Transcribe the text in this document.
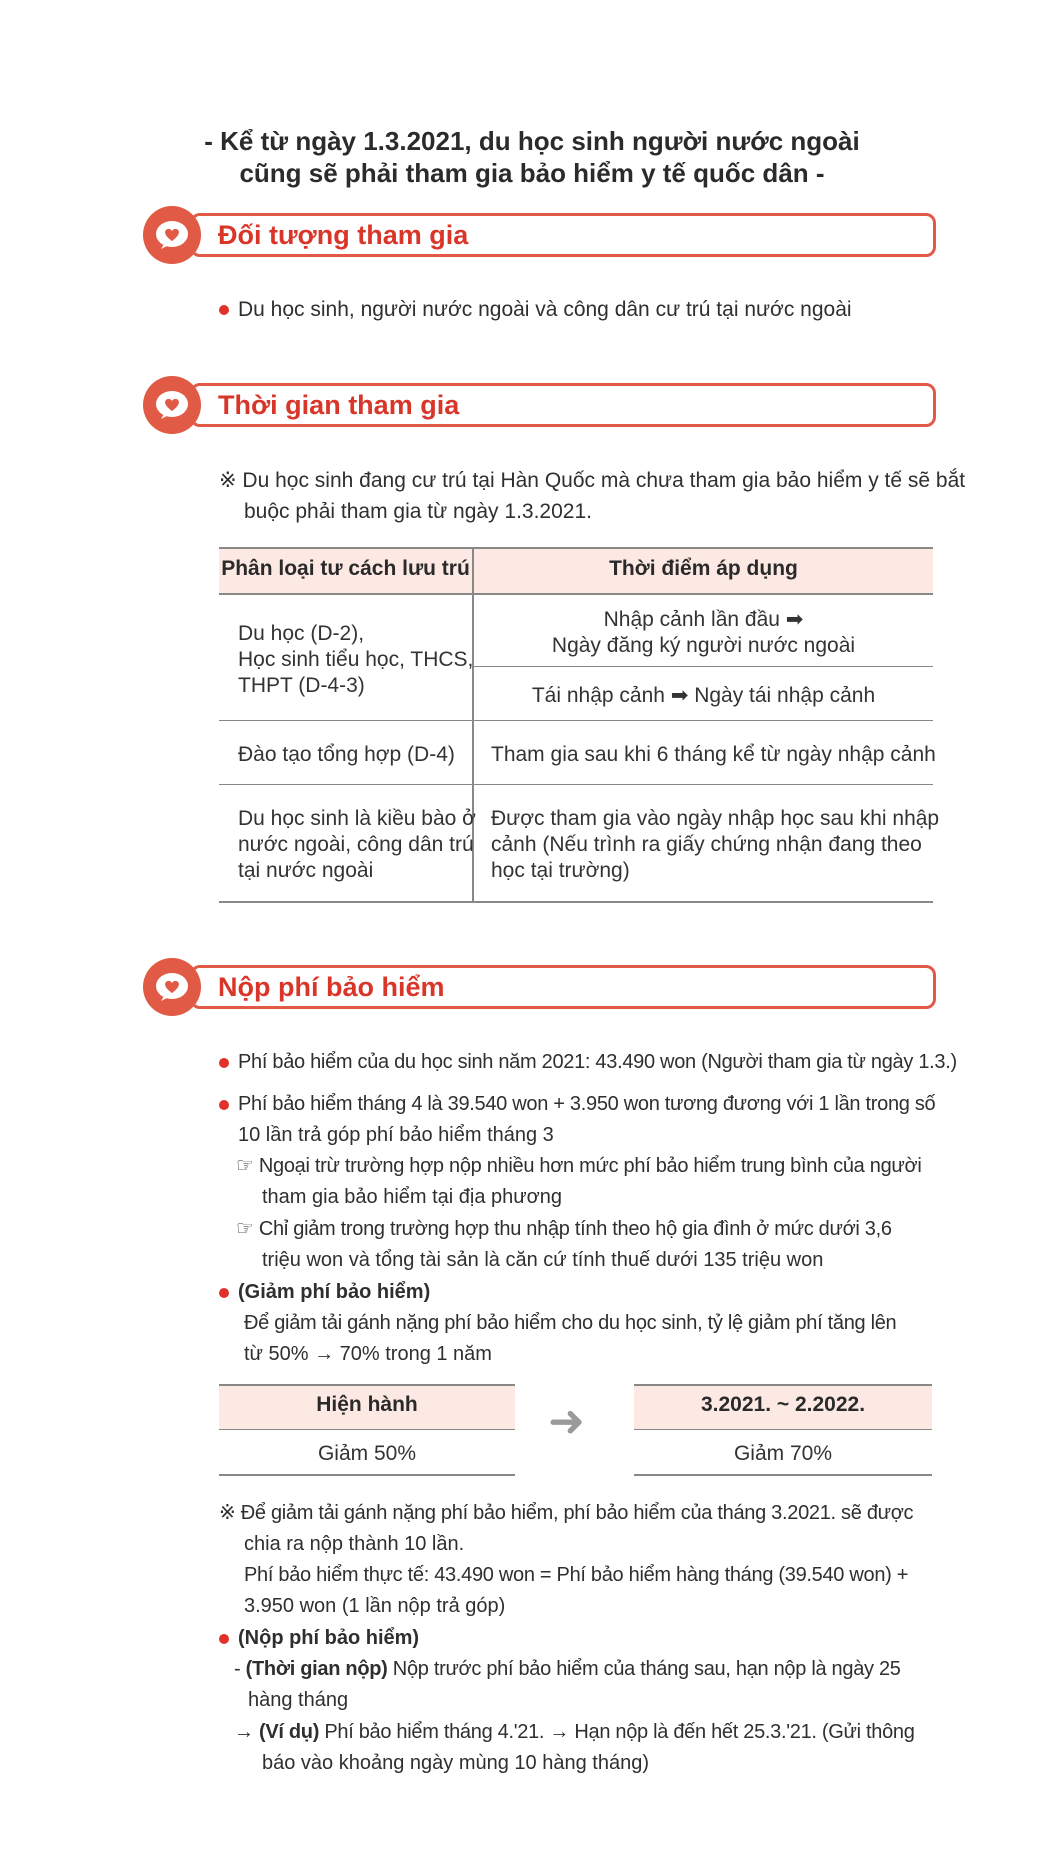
- Kể từ ngày 1.3.2021, du học sinh người nước ngoài
cũng sẽ phải tham gia bảo hiểm y tế quốc dân -
Đối tượng tham gia
Du học sinh, người nước ngoài và công dân cư trú tại nước ngoài
Thời gian tham gia
※ Du học sinh đang cư trú tại Hàn Quốc mà chưa tham gia bảo hiểm y tế sẽ bắt
buộc phải tham gia từ ngày 1.3.2021.
Phân loại tư cách lưu trú	Thời điểm áp dụng
Du học (D-2),
Học sinh tiểu học, THCS,
THPT (D-4-3)
Nhập cảnh lần đầu ➡
Ngày đăng ký người nước ngoài
Tái nhập cảnh ➡ Ngày tái nhập cảnh
Đào tạo tổng hợp (D-4) Tham gia sau khi 6 tháng kể từ ngày nhập cảnh
Du học sinh là kiều bào ở
nước ngoài, công dân trú
tại nước ngoài
Được tham gia vào ngày nhập học sau khi nhập
cảnh (Nếu trình ra giấy chứng nhận đang theo
học tại trường)
Nộp phí bảo hiểm
Phí bảo hiểm của du học sinh năm 2021: 43.490 won (Người tham gia từ ngày 1.3.)
Phí bảo hiểm tháng 4 là 39.540 won + 3.950 won tương đương với 1 lần trong số
10 lần trả góp phí bảo hiểm tháng 3
☞ Ngoại trừ trường hợp nộp nhiều hơn mức phí bảo hiểm trung bình của người
tham gia bảo hiểm tại địa phương
☞ Chỉ giảm trong trường hợp thu nhập tính theo hộ gia đình ở mức dưới 3,6
triệu won và tổng tài sản là căn cứ tính thuế dưới 135 triệu won
(Giảm phí bảo hiểm)
Để giảm tải gánh nặng phí bảo hiểm cho du học sinh, tỷ lệ giảm phí tăng lên
từ 50% → 70% trong 1 năm
Hiện hành
Giảm 50%
➜	3.2021. ~ 2.2022.
Giảm 70%
※ Để giảm tải gánh nặng phí bảo hiểm, phí bảo hiểm của tháng 3.2021. sẽ được
chia ra nộp thành 10 lần.
Phí bảo hiểm thực tế: 43.490 won = Phí bảo hiểm hàng tháng (39.540 won) +
3.950 won (1 lần nộp trả góp)
(Nộp phí bảo hiểm)
- (Thời gian nộp) Nộp trước phí bảo hiểm của tháng sau, hạn nộp là ngày 25
hàng tháng
→ (Ví dụ) Phí bảo hiểm tháng 4.'21. → Hạn nộp là đến hết 25.3.'21. (Gửi thông
báo vào khoảng ngày mùng 10 hàng tháng)
